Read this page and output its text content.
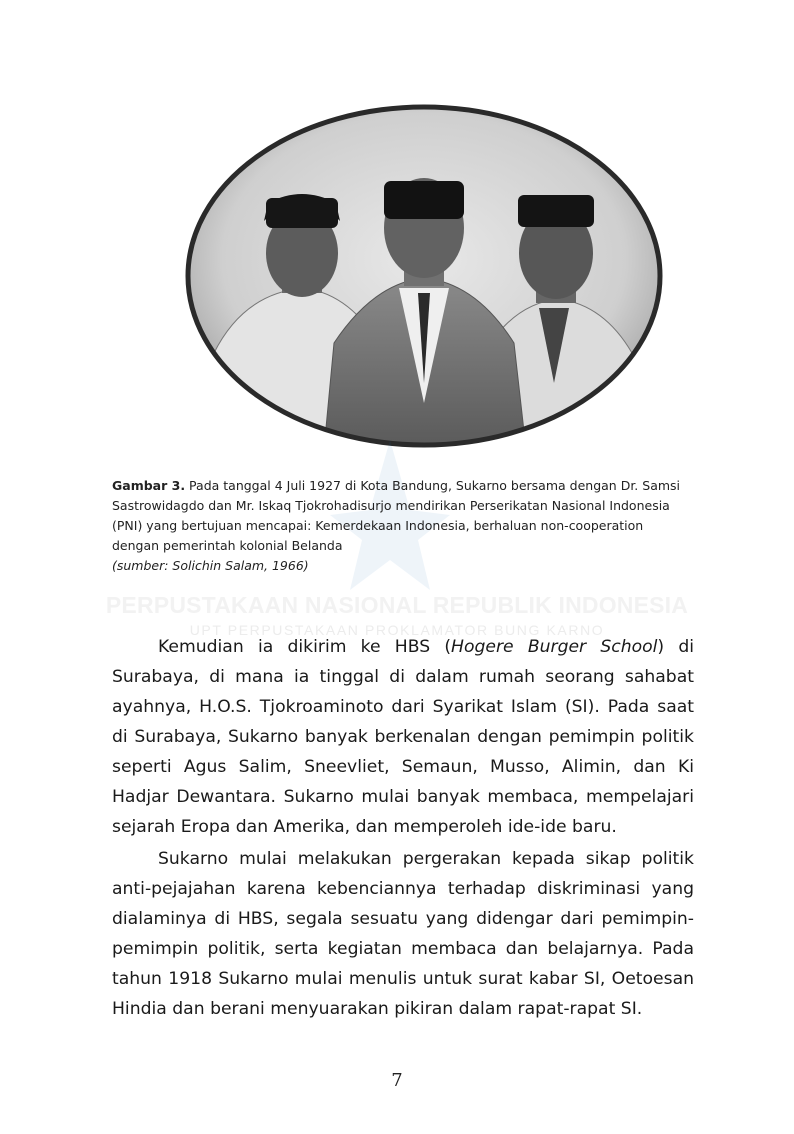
PERPUSTAKAAN NASIONAL REPUBLIK INDONESIA
UPT PERPUSTAKAAN PROKLAMATOR BUNG KARNO
Gambar 3. Pada tanggal 4 Juli 1927 di Kota Bandung, Sukarno bersama dengan Dr. Samsi Sastrowidagdo dan Mr. Iskaq Tjokrohadisurjo mendirikan Perserikatan Nasional Indonesia (PNI) yang bertujuan mencapai: Kemerdekaan Indonesia, berhaluan non-cooperation dengan pemerintah kolonial Belanda
(sumber: Solichin Salam, 1966)

Kemudian ia dikirim ke HBS (Hogere Burger School) di Surabaya, di mana ia tinggal di dalam rumah seorang sahabat ayahnya, H.O.S. Tjokroaminoto dari Syarikat Islam (SI). Pada saat di Surabaya, Sukarno banyak berkenalan dengan pemimpin politik seperti Agus Salim, Sneevliet, Semaun, Musso, Alimin, dan Ki Hadjar Dewantara. Sukarno mulai banyak membaca, mempelajari sejarah Eropa dan Amerika, dan memperoleh ide-ide baru.

Sukarno mulai melakukan pergerakan kepada sikap politik anti-pejajahan karena kebenciannya terhadap diskriminasi yang dialaminya di HBS, segala sesuatu yang didengar dari pemimpin-pemimpin politik, serta kegiatan membaca dan belajarnya. Pada tahun 1918 Sukarno mulai menulis untuk surat kabar SI, Oetoesan Hindia dan berani menyuarakan pikiran dalam rapat-rapat SI.

7
